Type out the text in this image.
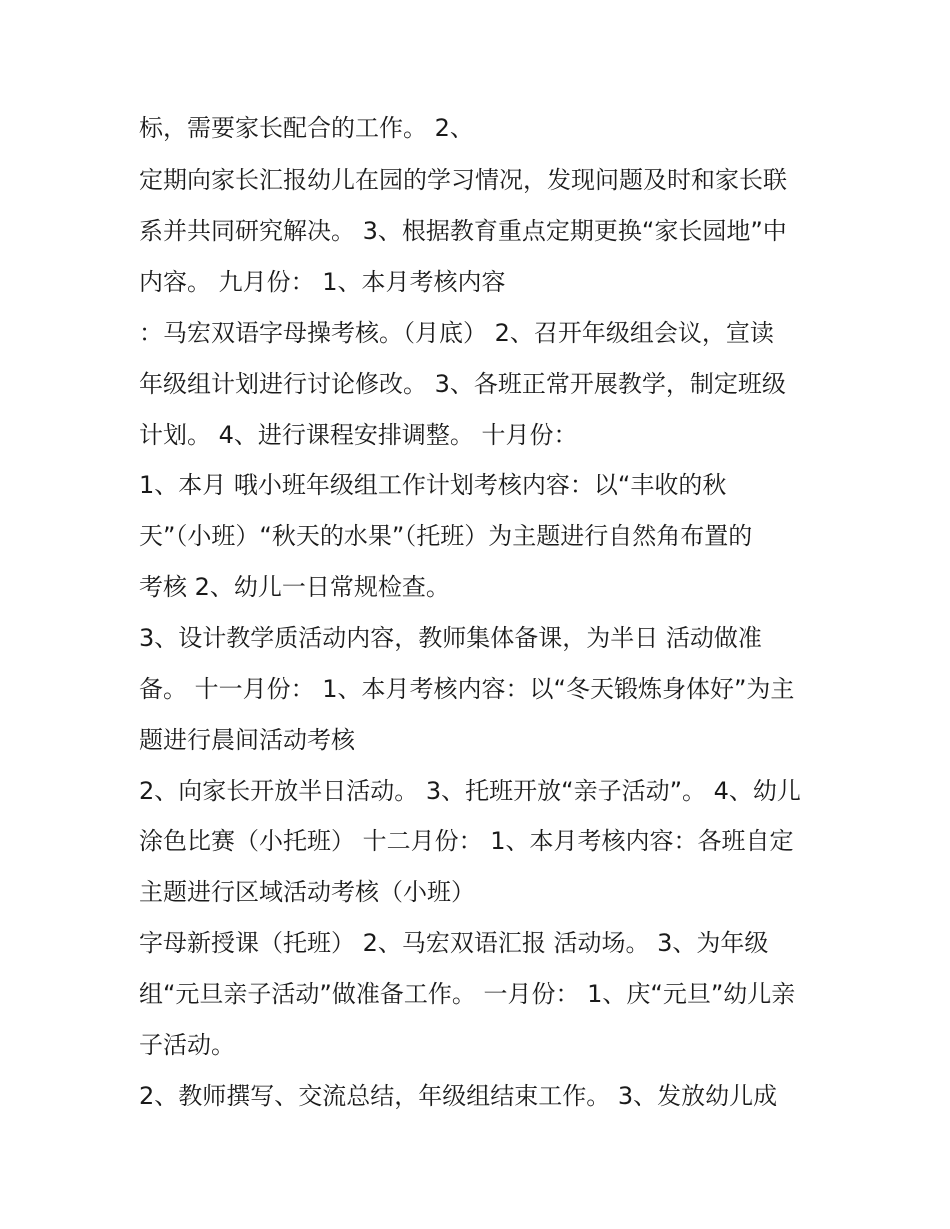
标，需要家长配合的工作。 2、
定期向家长汇报幼儿在园的学习情况，发现问题及时和家长联
系并共同研究解决。 3、根据教育重点定期更换“家长园地”中
内容。 九月份： 1、本月考核内容
：马宏双语字母操考核。（月底） 2、召开年级组会议，宣读
年级组计划进行讨论修改。 3、各班正常开展教学，制定班级
计划。 4、进行课程安排调整。 十月份：
1、本月 哦小班年级组工作计划考核内容：以“丰收的秋
天”（小班）“秋天的水果”（托班）为主题进行自然角布置的
考核 2、幼儿一日常规检查。
3、设计教学质活动内容，教师集体备课，为半日 活动做准
备。 十一月份： 1、本月考核内容：以“冬天锻炼身体好”为主
题进行晨间活动考核
2、向家长开放半日活动。 3、托班开放“亲子活动”。 4、幼儿
涂色比赛（小托班） 十二月份： 1、本月考核内容：各班自定
主题进行区域活动考核（小班）
字母新授课（托班） 2、马宏双语汇报 活动场。 3、为年级
组“元旦亲子活动”做准备工作。 一月份： 1、庆“元旦”幼儿亲
子活动。
2、教师撰写、交流总结，年级组结束工作。 3、发放幼儿成
